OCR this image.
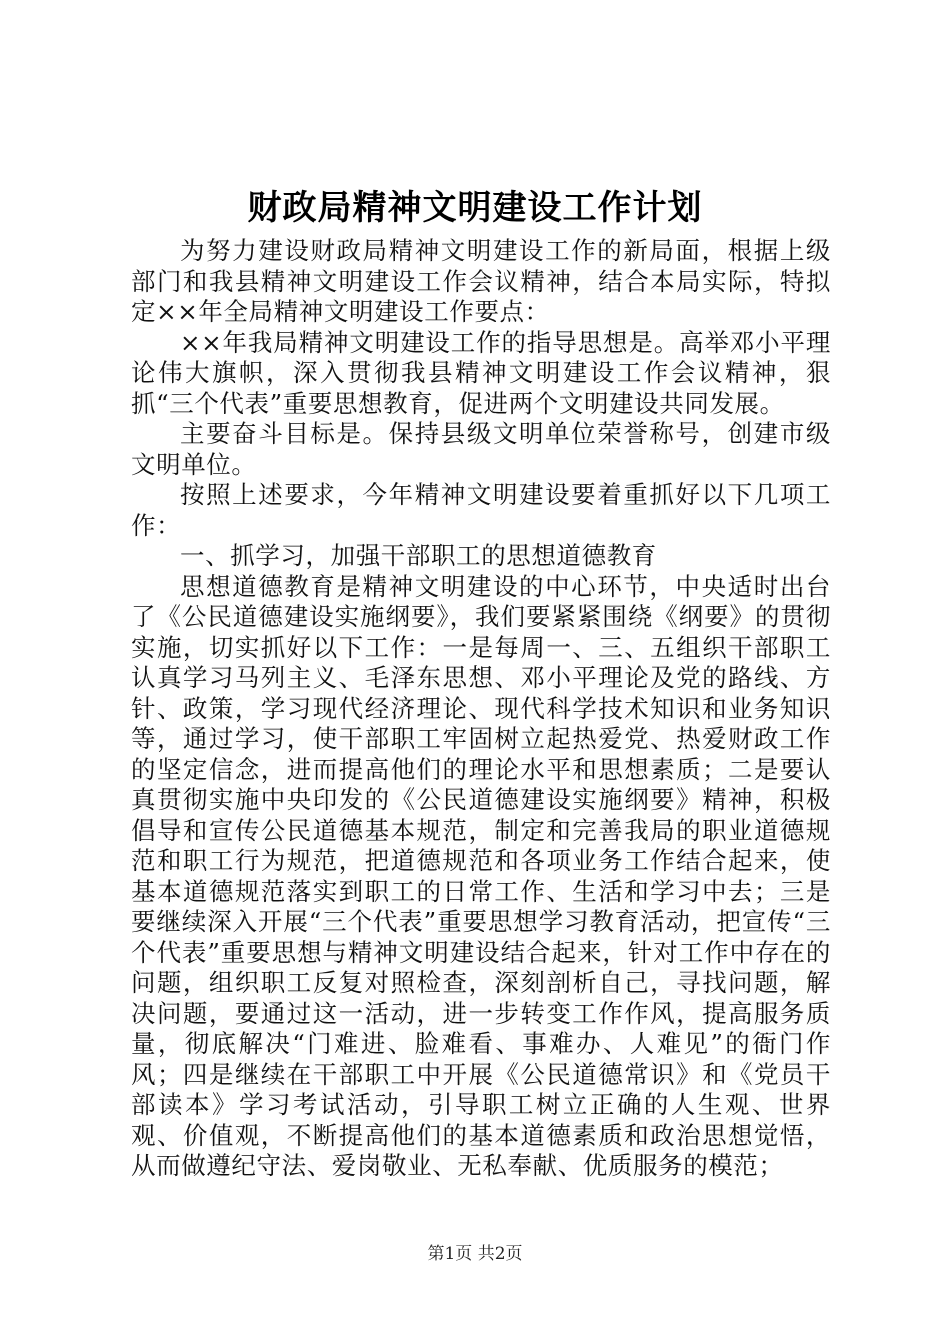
财政局精神文明建设工作计划

为努力建设财政局精神文明建设工作的新局面，根据上级部门和我县精神文明建设工作会议精神，结合本局实际，特拟定××年全局精神文明建设工作要点：

××年我局精神文明建设工作的指导思想是。高举邓小平理论伟大旗帜，深入贯彻我县精神文明建设工作会议精神，狠抓“三个代表”重要思想教育，促进两个文明建设共同发展。

主要奋斗目标是。保持县级文明单位荣誉称号，创建市级文明单位。

按照上述要求，今年精神文明建设要着重抓好以下几项工作：

一、抓学习，加强干部职工的思想道德教育

思想道德教育是精神文明建设的中心环节，中央适时出台了《公民道德建设实施纲要》，我们要紧紧围绕《纲要》的贯彻实施，切实抓好以下工作：一是每周一、三、五组织干部职工认真学习马列主义、毛泽东思想、邓小平理论及党的路线、方针、政策，学习现代经济理论、现代科学技术知识和业务知识等，通过学习，使干部职工牢固树立起热爱党、热爱财政工作的坚定信念，进而提高他们的理论水平和思想素质；二是要认真贯彻实施中央印发的《公民道德建设实施纲要》精神，积极倡导和宣传公民道德基本规范，制定和完善我局的职业道德规范和职工行为规范，把道德规范和各项业务工作结合起来，使基本道德规范落实到职工的日常工作、生活和学习中去；三是要继续深入开展“三个代表”重要思想学习教育活动，把宣传“三个代表”重要思想与精神文明建设结合起来，针对工作中存在的问题，组织职工反复对照检查，深刻剖析自己，寻找问题，解决问题，要通过这一活动，进一步转变工作作风，提高服务质量，彻底解决“门难进、脸难看、事难办、人难见”的衙门作风；四是继续在干部职工中开展《公民道德常识》和《党员干部读本》学习考试活动，引导职工树立正确的人生观、世界观、价值观，不断提高他们的基本道德素质和政治思想觉悟，从而做遵纪守法、爱岗敬业、无私奉献、优质服务的模范；

第1页 共2页
